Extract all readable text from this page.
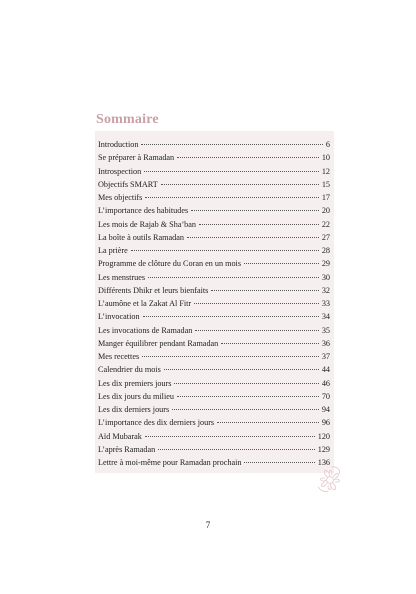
Sommaire
Introduction	6
Se préparer à Ramadan	10
Introspection	12
Objectifs SMART	15
Mes objectifs	17
L’importance des habitudes	20
Les mois de Rajab & Sha’ban	22
La boîte à outils Ramadan	27
La prière	28
Programme de clôture du Coran en un mois	29
Les menstrues	30
Différents Dhikr et leurs bienfaits	32
L’aumône et la Zakat Al Fitr	33
L’invocation	34
Les invocations de Ramadan	35
Manger équilibrer pendant Ramadan	36
Mes recettes	37
Calendrier du mois	44
Les dix premiers jours	46
Les dix jours du milieu	70
Les dix derniers jours	94
L’importance des dix derniers jours	96
Aïd Mubarak	120
L’après Ramadan	129
Lettre à moi-même pour Ramadan prochain	136
7
